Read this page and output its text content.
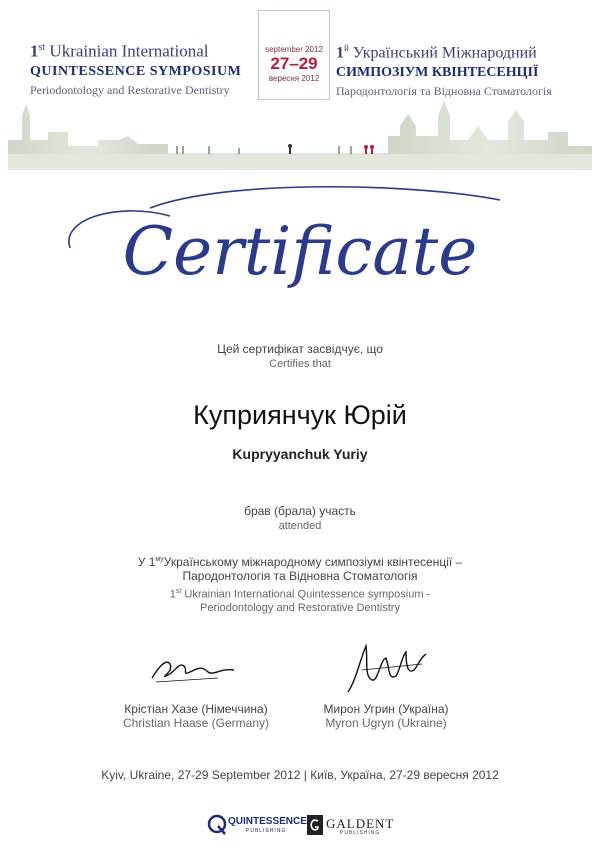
1st Ukrainian International
QUINTESSENCE SYMPOSIUM
Periodontology and Restorative Dentistry
september 2012
27–29
вересня 2012
$1^й$ Український Міжнародний
СИМПОЗІУМ КВІНТЕСЕНЦІЇ
Пародонтологія та Відновна Стоматологія
Certificate
Цей сертифікат засвідчує, що
Certifies that
Куприянчук Юрій
Kupryyanchuk Yuriy
брав (брала) участь
attended
У $1^{му}Українському$ міжнародному симпозіумі квінтесенції –
Пародонтологія та Відновна Стоматологія
1st Ukrainian International Quintessence symposium -
Periodontology and Restorative Dentistry
Крістіан Хазе (Німеччина)
Christian Haase (Germany)
Мирон Угрин (Україна)
Myron Ugryn (Ukraine)
Kyiv, Ukraine, 27-29 September 2012 | Київ, Україна, 27-29 вересня 2012
QUINTESSENCE
PUBLISHING	GALDENT
PUBLISHING
